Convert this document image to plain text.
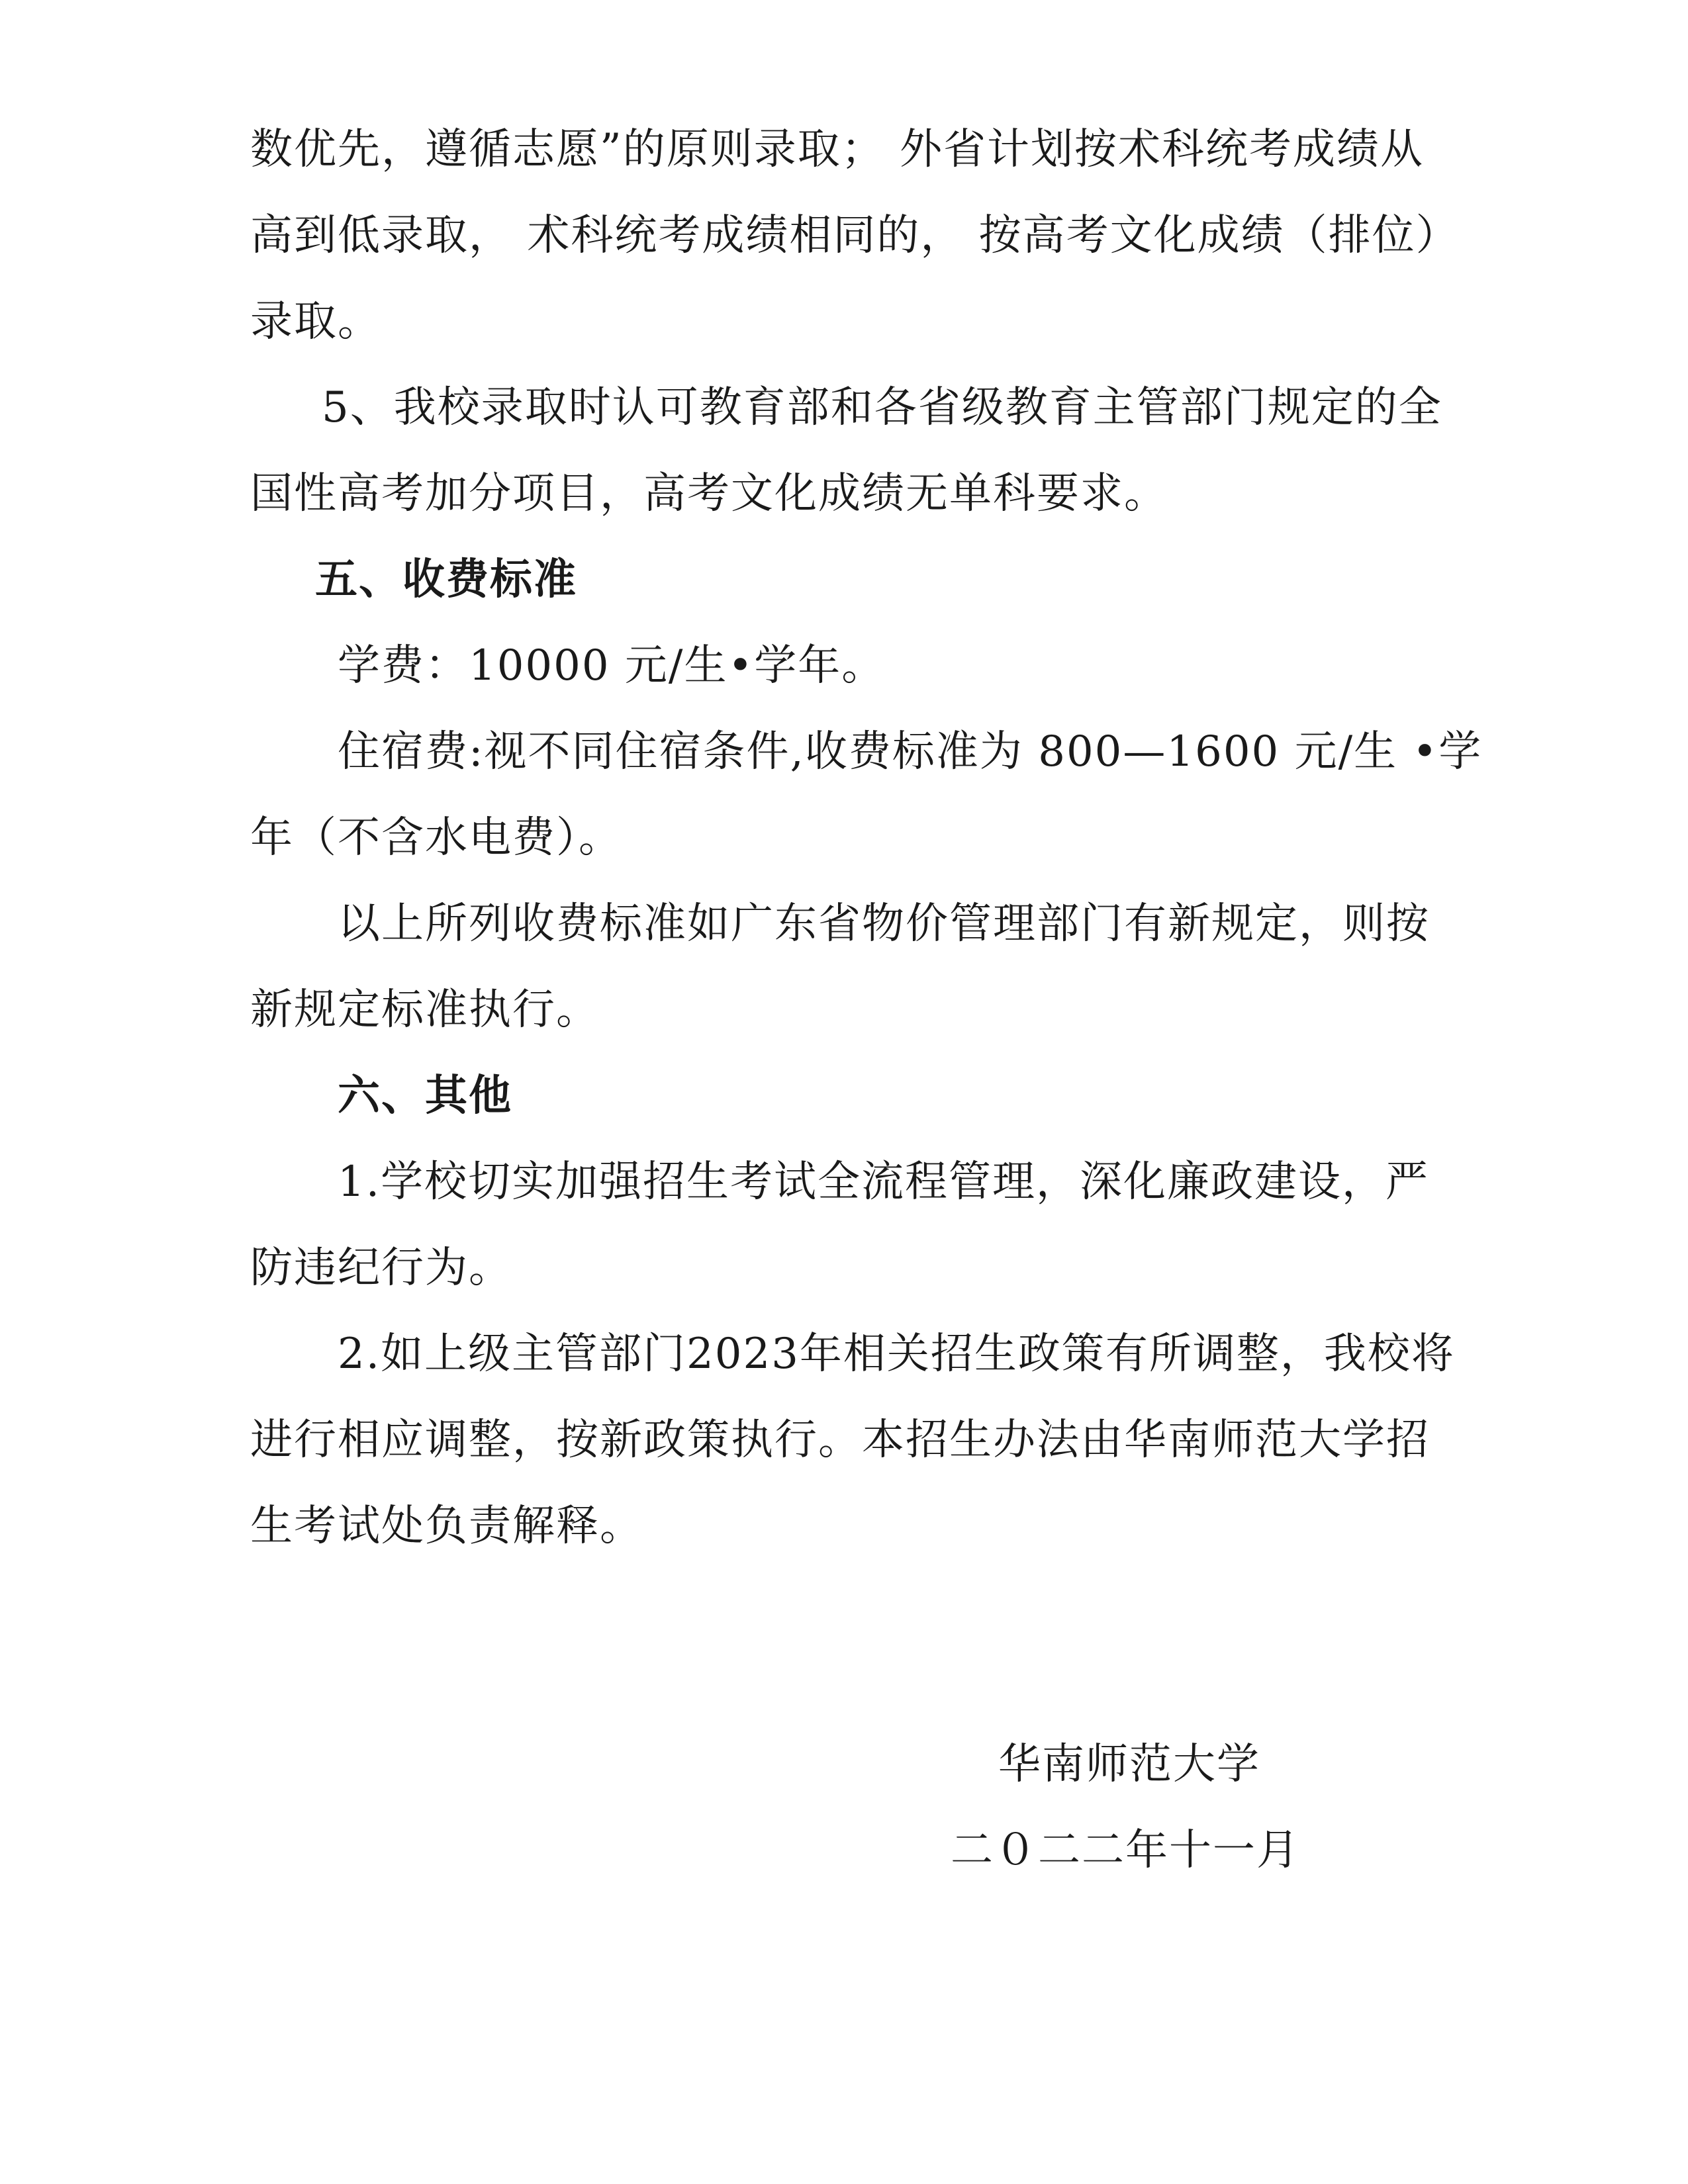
数优先，遵循志愿”的原则录取； 外省计划按术科统考成绩从
高到低录取， 术科统考成绩相同的， 按高考文化成绩（排位）
录取。
5、我校录取时认可教育部和各省级教育主管部门规定的全
国性高考加分项目，高考文化成绩无单科要求。
五、收费标准
学费：10000 元/生•学年。
住宿费:视不同住宿条件,收费标准为 800—1600 元/生 •学
年（不含水电费）。
以上所列收费标准如广东省物价管理部门有新规定，则按
新规定标准执行。
六、其他
1.学校切实加强招生考试全流程管理，深化廉政建设，严
防违纪行为。
2.如上级主管部门2023年相关招生政策有所调整，我校将
进行相应调整，按新政策执行。本招生办法由华南师范大学招
生考试处负责解释。
华南师范大学
二０二二年十一月
